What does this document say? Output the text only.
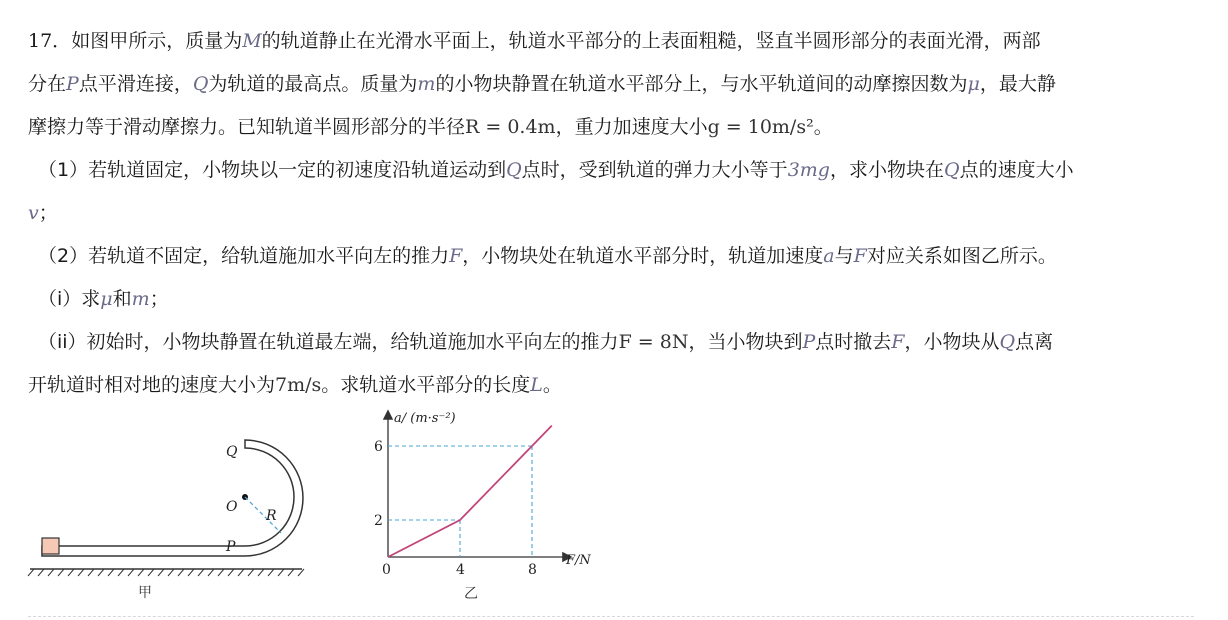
17．如图甲所示，质量为M的轨道静止在光滑水平面上，轨道水平部分的上表面粗糙，竖直半圆形部分的表面光滑，两部
分在P点平滑连接，Q为轨道的最高点。质量为m的小物块静置在轨道水平部分上，与水平轨道间的动摩擦因数为μ，最大静
摩擦力等于滑动摩擦力。已知轨道半圆形部分的半径R = 0.4m，重力加速度大小g = 10m/s²。
（1）若轨道固定，小物块以一定的初速度沿轨道运动到Q点时，受到轨道的弹力大小等于3mg，求小物块在Q点的速度大小
v；
（2）若轨道不固定，给轨道施加水平向左的推力F，小物块处在轨道水平部分时，轨道加速度a与F对应关系如图乙所示。
（i）求μ和m；
（ii）初始时，小物块静置在轨道最左端，给轨道施加水平向左的推力F = 8N，当小物块到P点时撤去F，小物块从Q点离
开轨道时相对地的速度大小为7m/s。求轨道水平部分的长度L。
Q
O
R
P
甲
a/ (m·s⁻²)
F/N
0	4
2
8
6
乙
